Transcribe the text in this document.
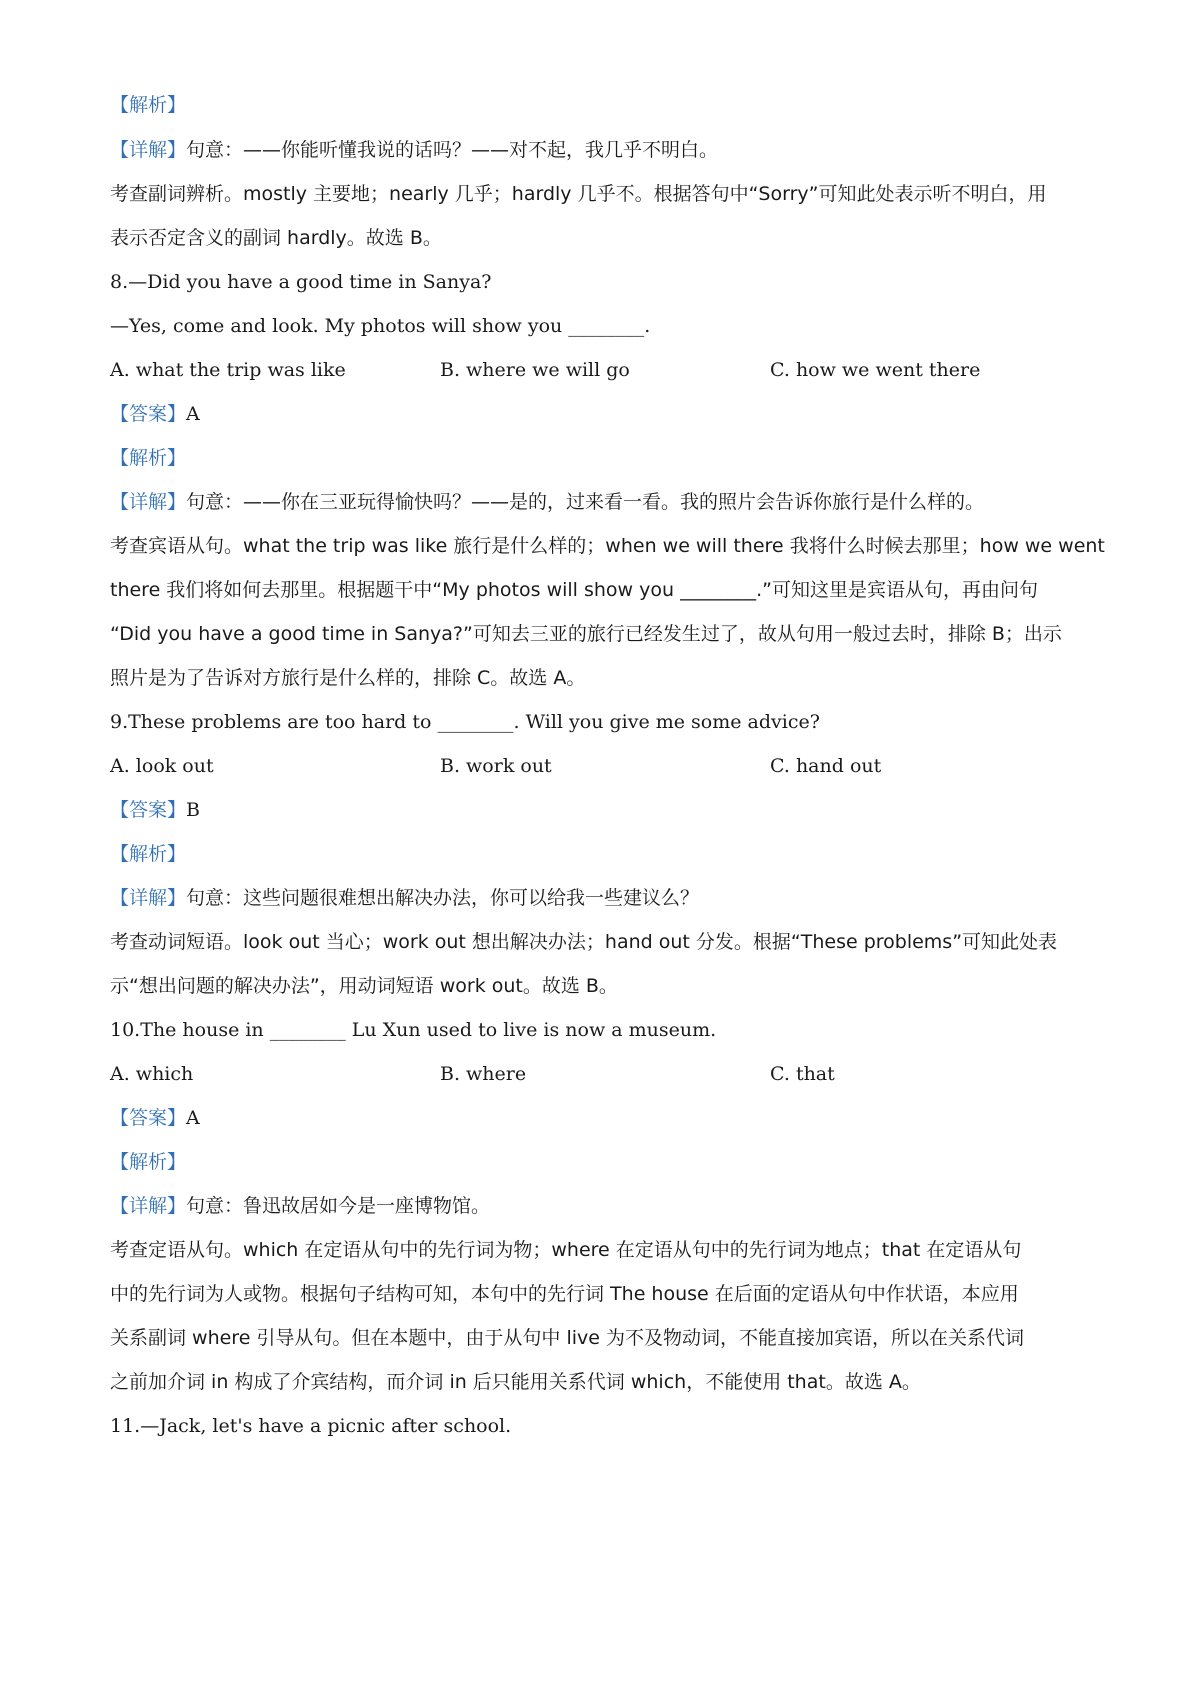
【解析】
【详解】句意：——你能听懂我说的话吗？——对不起，我几乎不明白。
考查副词辨析。mostly 主要地；nearly 几乎；hardly 几乎不。根据答句中“Sorry”可知此处表示听不明白，用
表示否定含义的副词 hardly。故选 B。
8.—Did you have a good time in Sanya?
—Yes, come and look. My photos will show you ________.
A. what the trip was like	B. where we will go	C. how we went there
【答案】A
【解析】
【详解】句意：——你在三亚玩得愉快吗？——是的，过来看一看。我的照片会告诉你旅行是什么样的。
考查宾语从句。what the trip was like 旅行是什么样的；when we will there 我将什么时候去那里；how we went
there 我们将如何去那里。根据题干中“My photos will show you ________.”可知这里是宾语从句，再由问句
“Did you have a good time in Sanya?”可知去三亚的旅行已经发生过了，故从句用一般过去时，排除 B；出示
照片是为了告诉对方旅行是什么样的，排除 C。故选 A。
9.These problems are too hard to ________. Will you give me some advice?
A. look out	B. work out	C. hand out
【答案】B
【解析】
【详解】句意：这些问题很难想出解决办法，你可以给我一些建议么？
考查动词短语。look out 当心；work out 想出解决办法；hand out 分发。根据“These problems”可知此处表
示“想出问题的解决办法”，用动词短语 work out。故选 B。
10.The house in ________ Lu Xun used to live is now a museum.
A. which	B. where	C. that
【答案】A
【解析】
【详解】句意：鲁迅故居如今是一座博物馆。
考查定语从句。which 在定语从句中的先行词为物；where 在定语从句中的先行词为地点；that 在定语从句
中的先行词为人或物。根据句子结构可知，本句中的先行词 The house 在后面的定语从句中作状语，本应用
关系副词 where 引导从句。但在本题中，由于从句中 live 为不及物动词，不能直接加宾语，所以在关系代词
之前加介词 in 构成了介宾结构，而介词 in 后只能用关系代词 which，不能使用 that。故选 A。
11.—Jack, let's have a picnic after school.
